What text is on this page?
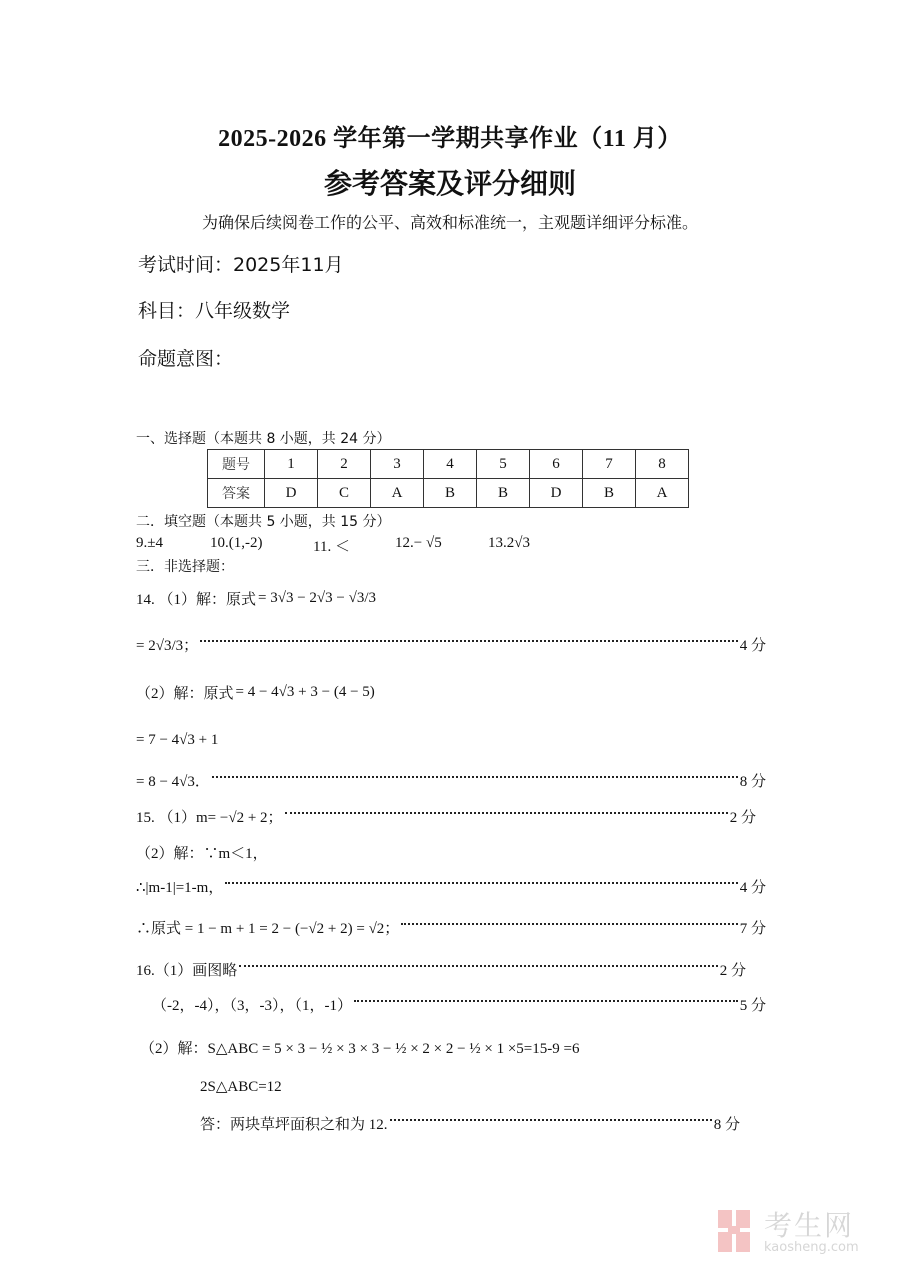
2025-2026 学年第一学期共享作业（11 月）
参考答案及评分细则
为确保后续阅卷工作的公平、高效和标准统一，主观题详细评分标准。
考试时间：2025年11月
科目：八年级数学
命题意图：
一、选择题（本题共 8 小题，共 24 分）
题号	1	2	3	4	5	6	7	8
答案	D	C	A	B	B	D	B	A
二．填空题（本题共 5 小题，共 15 分）
9.±4	10.(1,-2)	11. ＜	12.− √5	13.2√3
三．非选择题：
14. （1）解：原式 = 3√3 − 2√3 − √3/3
= 2√3/3；	4 分
（2）解：原式 = 4 − 4√3 + 3 − (4 − 5)
= 7 − 4√3 + 1
= 8 − 4√3．	8 分
15. （1）m= −√2 + 2；	2 分
（2）解：∵m＜1，
∴|m-1|=1-m，	4 分
∴原式 = 1 − m + 1 = 2 − (−√2 + 2) = √2；	7 分
16.（1）画图略	2 分
（-2，-4），（3，-3），（1，-1）	5 分
（2）解：S△ABC = 5 × 3 − ½ × 3 × 3 − ½ × 2 × 2 − ½ × 1 ×5=15-9 =6
2S△ABC=12
答：两块草坪面积之和为 12.	8 分
考生网
kaosheng.com
